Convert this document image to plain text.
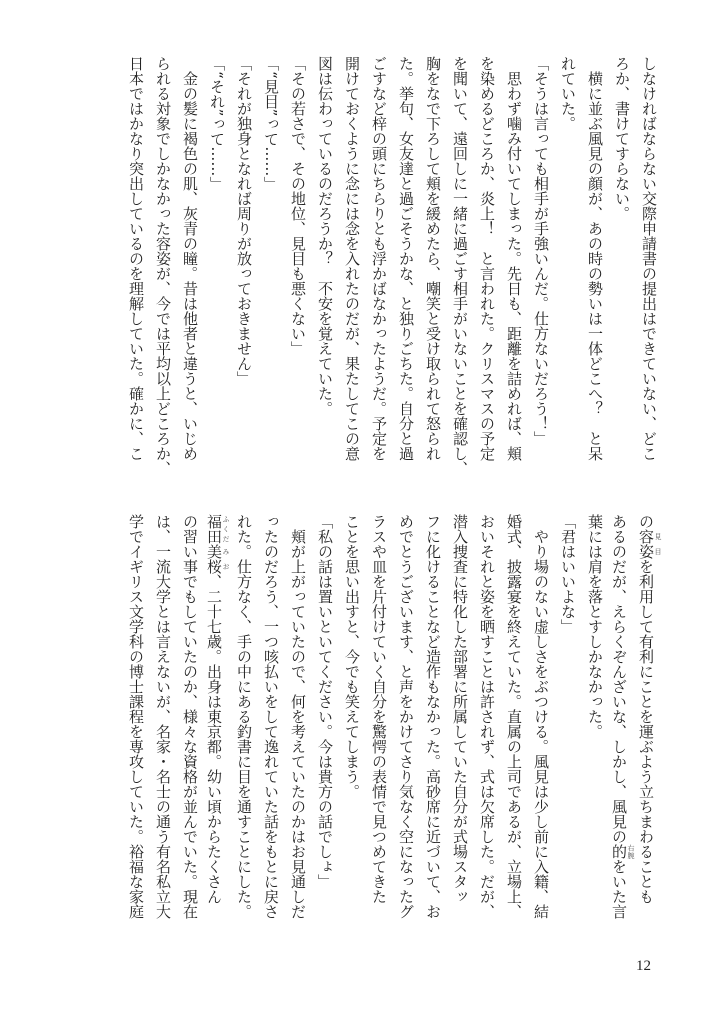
しなければならない交際申請書の提出はできていない、どこ
ろか、書けてすらない。
　横に並ぶ風見の顔が、あの時の勢いは一体どこへ？　と呆
れていた。
「そうは言っても相手が手強いんだ。仕方ないだろう！」
　思わず噛み付いてしまった。先日も、距離を詰めれば、頬
を染めるどころか、炎上！　と言われた。クリスマスの予定
を聞いて、遠回しに一緒に過ごす相手がいないことを確認し、
胸をなで下ろして頬を緩めたら、嘲笑と受け取られて怒られ
た。挙句、女友達と過ごそうかな、と独りごちた。自分と過
ごすなど梓の頭にちらりとも浮かばなかったようだ。予定を
開けておくように念には念を入れたのだが、果たしてこの意
図は伝わっているのだろうか？　不安を覚えていた。
「その若さで、その地位、見目も悪くない」
「“見目”って……」
「それが独身となれば周りが放っておきません」
「“それ”って……」
　金の髪に褐色の肌、灰青の瞳。昔は他者と違うと、いじめ
られる対象でしかなかった容姿が、今では平均以上どころか、
日本ではかなり突出しているのを理解していた。確かに、こ
の容姿 見目を利用して有利にことを運ぶよう立ちまわることも
あるのだが、えらくぞんざいな、しかし、風見の的 右腕をいた言
葉には肩を落とすしかなかった。
「君はいいよな」
　やり場のない虚しさをぶつける。風見は少し前に入籍、結
婚式、披露宴を終えていた。直属の上司であるが、立場上、
おいそれと姿を晒すことは許されず、式は欠席した。だが、
潜入捜査に特化した部署に所属していた自分が式場スタッ
フに化けることなど造作もなかった。高砂席に近づいて、お
めでとうございます、と声をかけてさり気なく空になったグ
ラスや皿を片付けていく自分を驚愕の表情で見つめてきた
ことを思い出すと、今でも笑えてしまう。
「私の話は置いといてください。今は貴方の話でしょ」
　頬が上がっていたので、何を考えていたのかはお見通しだ
ったのだろう、一つ咳払いをして逸れていた話をもとに戻さ
れた。仕方なく、手の中にある釣書に目を通すことにした。
福田 ふくだ美桜 みお、二十七歳。出身は東京都。幼い頃からたくさん
の習い事でもしていたのか、様々な資格が並んでいた。現在
は、一流大学とは言えないが、名家・名士の通う有名私立大
学でイギリス文学科の博士課程を専攻していた。裕福な家庭
12
